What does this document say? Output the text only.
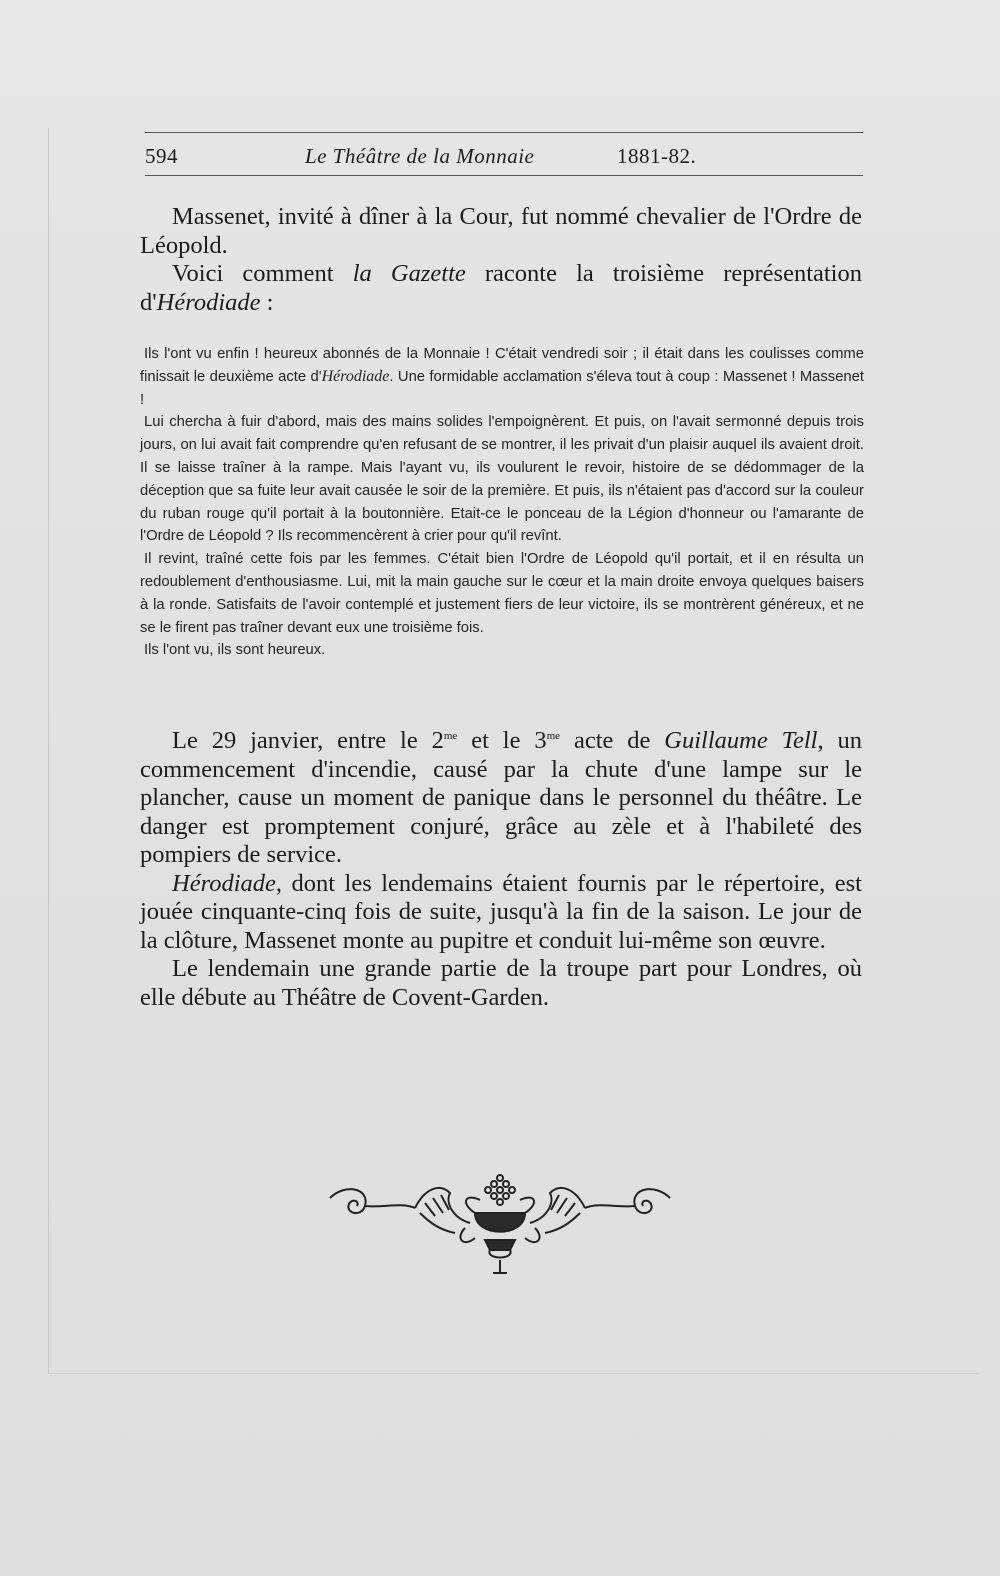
594	Le Théâtre de la Monnaie	1881-82.

Massenet, invité à dîner à la Cour, fut nommé chevalier de l'Ordre de Léopold.

Voici comment la Gazette raconte la troisième représentation d'Hérodiade :

Ils l'ont vu enfin ! heureux abonnés de la Monnaie ! C'était vendredi soir ; il était dans les coulisses comme finissait le deuxième acte d'Hérodiade. Une formidable acclamation s'éleva tout à coup : Massenet ! Massenet !

Lui chercha à fuir d'abord, mais des mains solides l'empoignèrent. Et puis, on l'avait sermonné depuis trois jours, on lui avait fait comprendre qu'en refusant de se montrer, il les privait d'un plaisir auquel ils avaient droit. Il se laisse traîner à la rampe. Mais l'ayant vu, ils voulurent le revoir, histoire de se dédommager de la déception que sa fuite leur avait causée le soir de la première. Et puis, ils n'étaient pas d'accord sur la couleur du ruban rouge qu'il portait à la boutonnière. Etait-ce le ponceau de la Légion d'honneur ou l'amarante de l'Ordre de Léopold ? Ils recommencèrent à crier pour qu'il revînt.

Il revint, traîné cette fois par les femmes. C'était bien l'Ordre de Léopold qu'il portait, et il en résulta un redoublement d'enthousiasme. Lui, mit la main gauche sur le cœur et la main droite envoya quelques baisers à la ronde. Satisfaits de l'avoir contemplé et justement fiers de leur victoire, ils se montrèrent généreux, et ne se le firent pas traîner devant eux une troisième fois.

Ils l'ont vu, ils sont heureux.

Le 29 janvier, entre le $2^{me}$ et le $3^{me}$ acte de Guillaume Tell, un commencement d'incendie, causé par la chute d'une lampe sur le plancher, cause un moment de panique dans le personnel du théâtre. Le danger est promptement conjuré, grâce au zèle et à l'habileté des pompiers de service.

Hérodiade, dont les lendemains étaient fournis par le répertoire, est jouée cinquante-cinq fois de suite, jusqu'à la fin de la saison. Le jour de la clôture, Massenet monte au pupitre et conduit lui-même son œuvre.

Le lendemain une grande partie de la troupe part pour Londres, où elle débute au Théâtre de Covent-Garden.
